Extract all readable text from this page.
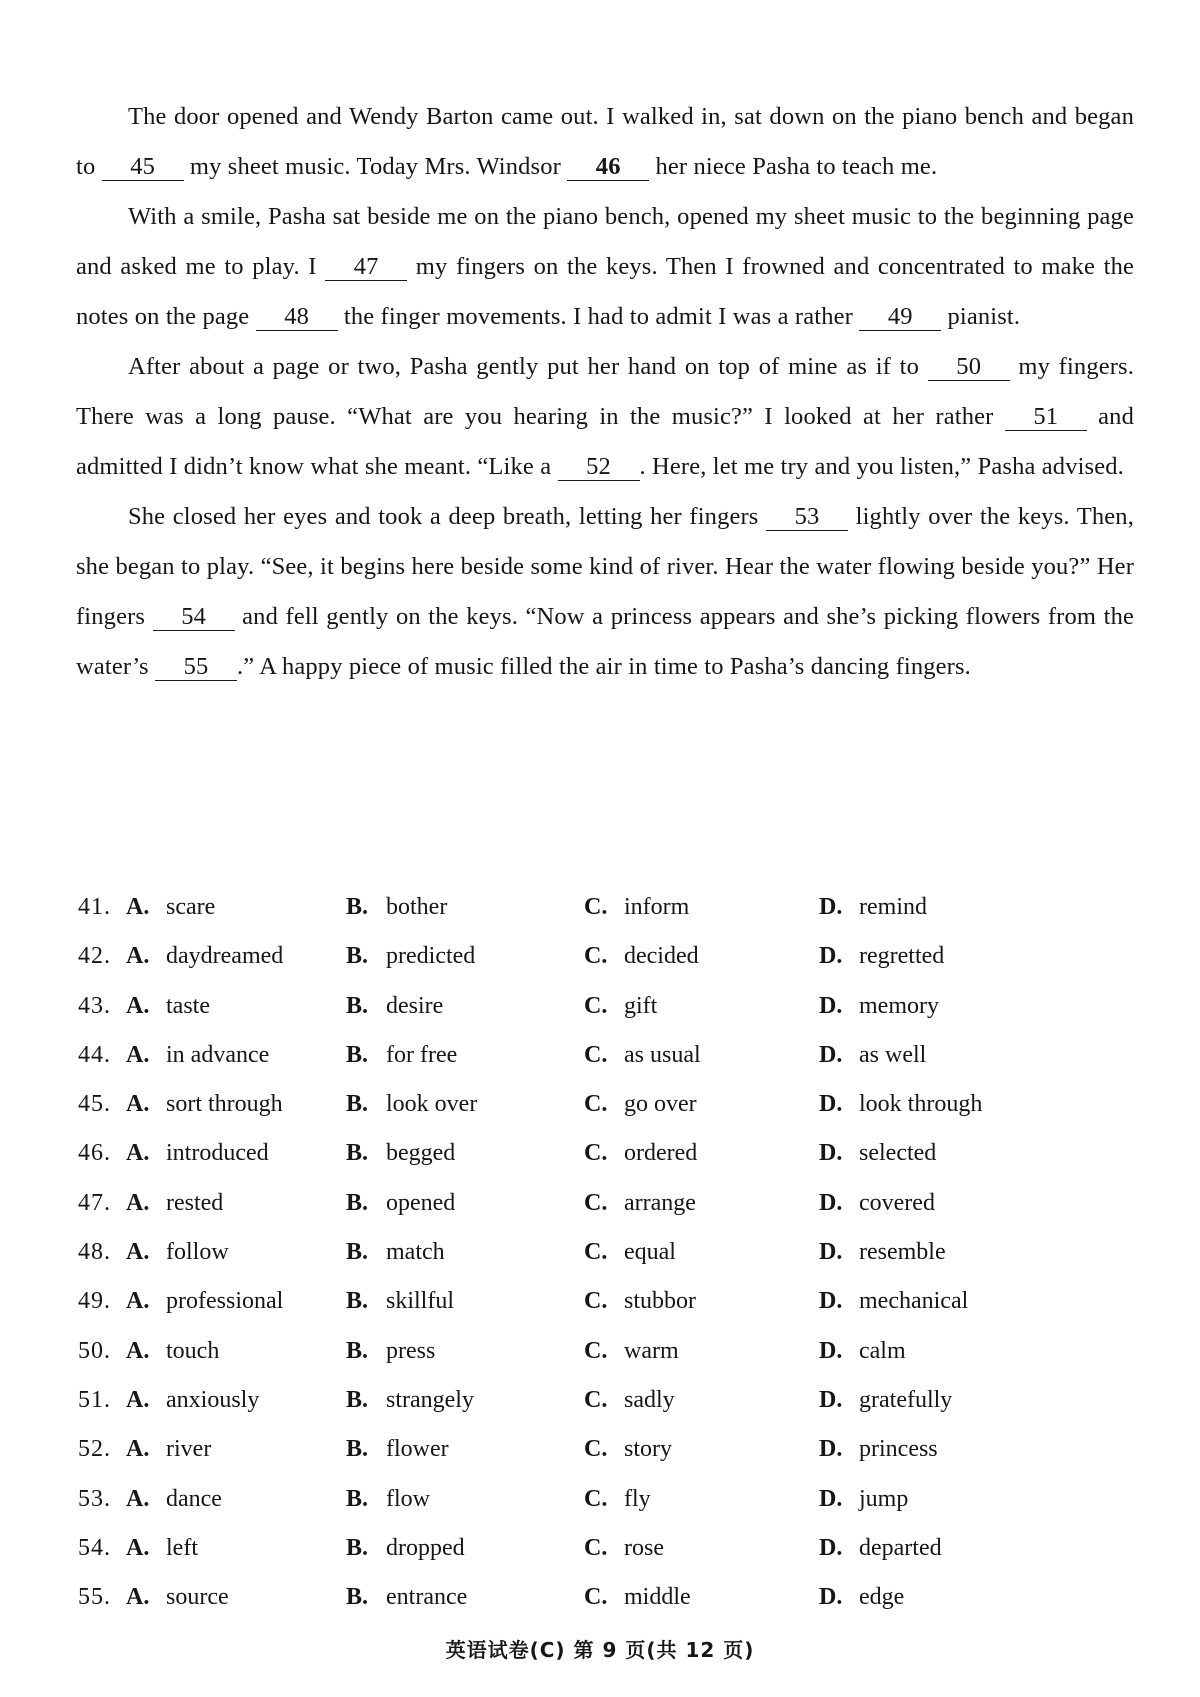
The door opened and Wendy Barton came out. I walked in, sat down on the piano bench and began to 45 my sheet music. Today Mrs. Windsor 46 her niece Pasha to teach me.

With a smile, Pasha sat beside me on the piano bench, opened my sheet music to the beginning page and asked me to play. I 47 my fingers on the keys. Then I frowned and concentrated to make the notes on the page 48 the finger movements. I had to admit I was a rather 49 pianist.

After about a page or two, Pasha gently put her hand on top of mine as if to 50 my fingers. There was a long pause. “What are you hearing in the music?” I looked at her rather 51 and admitted I didn’t know what she meant. “Like a 52 . Here, let me try and you listen,” Pasha advised.

She closed her eyes and took a deep breath, letting her fingers 53 lightly over the keys. Then, she began to play. “See, it begins here beside some kind of river. Hear the water flowing beside you?” Her fingers 54 and fell gently on the keys. “Now a princess appears and she’s picking flowers from the water’s 55 .” A happy piece of music filled the air in time to Pasha’s dancing fingers.

41. A. scare	B. bother	C. inform	D. remind
42. A. daydreamed	B. predicted	C. decided	D. regretted
43. A. taste	B. desire	C. gift	D. memory
44. A. in advance	B. for free	C. as usual	D. as well
45. A. sort through	B. look over	C. go over	D. look through
46. A. introduced	B. begged	C. ordered	D. selected
47. A. rested	B. opened	C. arrange	D. covered
48. A. follow	B. match	C. equal	D. resemble
49. A. professional	B. skillful	C. stubbor	D. mechanical
50. A. touch	B. press	C. warm	D. calm
51. A. anxiously	B. strangely	C. sadly	D. gratefully
52. A. river	B. flower	C. story	D. princess
53. A. dance	B. flow	C. fly	D. jump
54. A. left	B. dropped	C. rose	D. departed
55. A. source	B. entrance	C. middle	D. edge
英语试卷(C) 第 9 页(共 12 页)
